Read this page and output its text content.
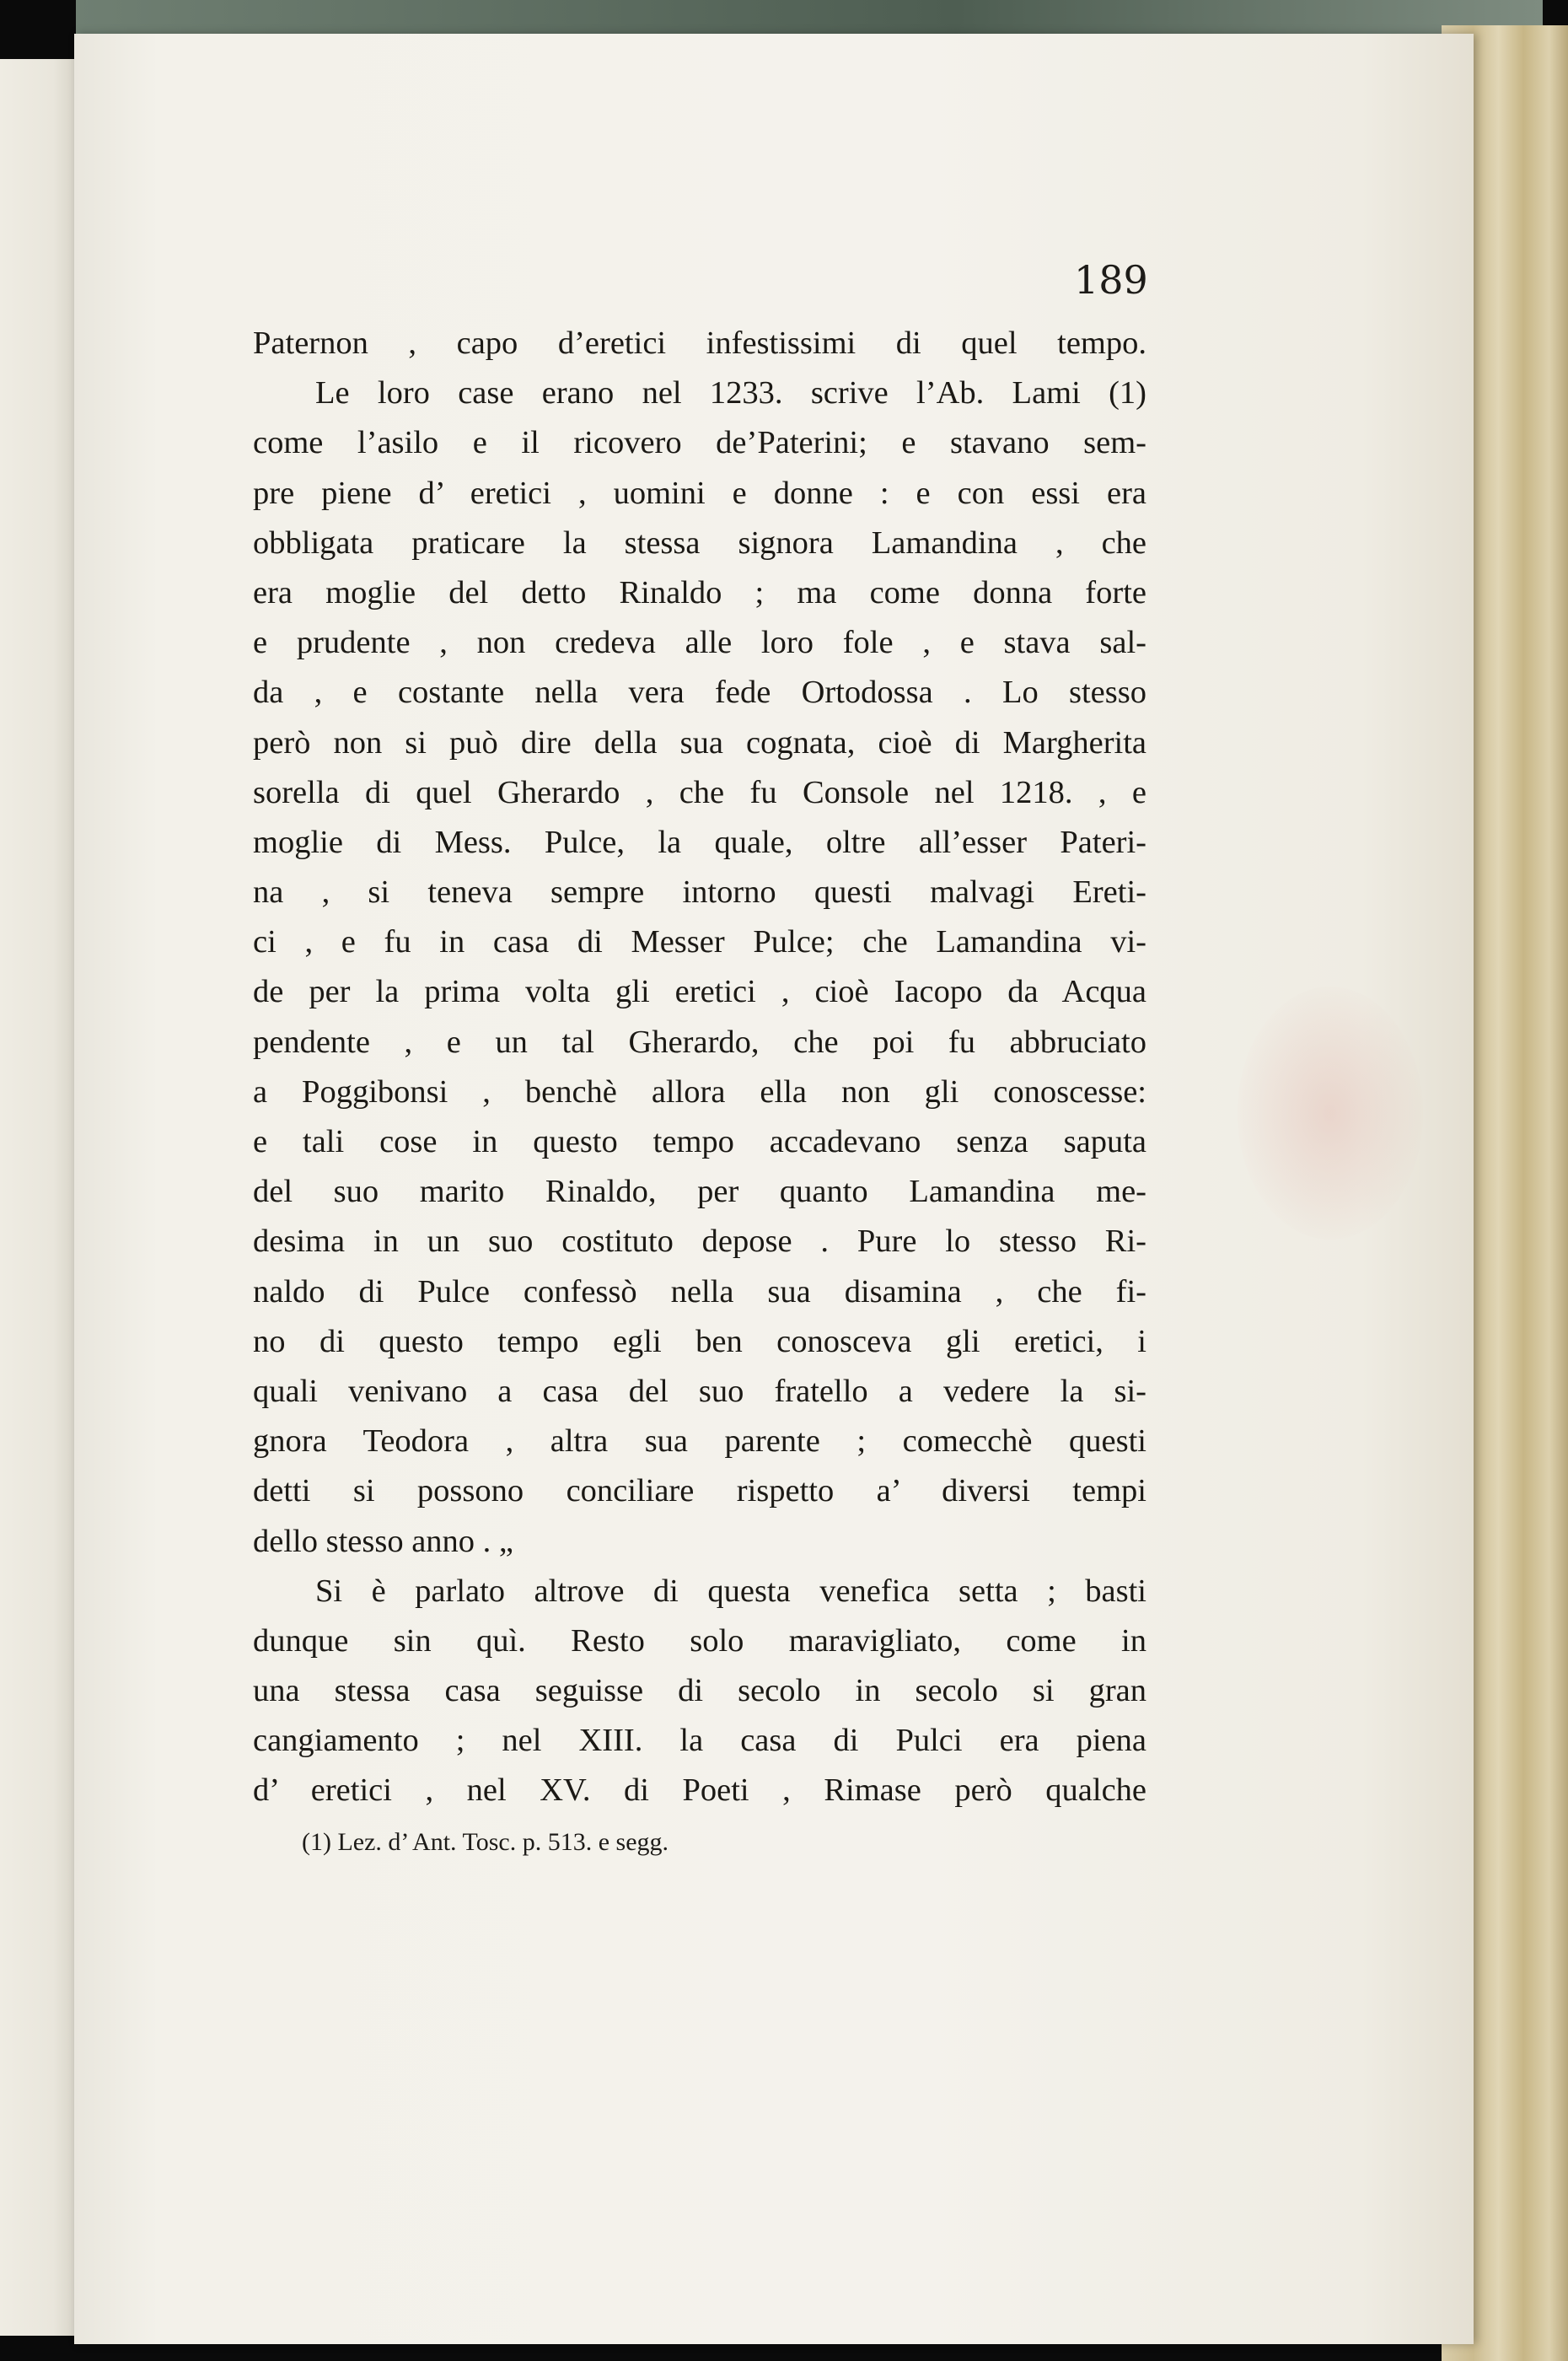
189
Paternon , capo d’eretici infestissimi di quel tempo.
Le loro case erano nel 1233. scrive l’Ab. Lami (1)
come l’asilo e il ricovero de’Paterini; e stavano sem-
pre piene d’ eretici , uomini e donne : e con essi era
obbligata praticare la stessa signora Lamandina , che
era moglie del detto Rinaldo ; ma come donna forte
e prudente , non credeva alle loro fole , e stava sal-
da , e costante nella vera fede Ortodossa . Lo stesso
però non si può dire della sua cognata, cioè di Margherita
sorella di quel Gherardo , che fu Console nel 1218. , e
moglie di Mess. Pulce, la quale, oltre all’esser Pateri-
na , si teneva sempre intorno questi malvagi Ereti-
ci , e fu in casa di Messer Pulce; che Lamandina vi-
de per la prima volta gli eretici , cioè Iacopo da Acqua
pendente , e un tal Gherardo, che poi fu abbruciato
a Poggibonsi , benchè allora ella non gli conoscesse:
e tali cose in questo tempo accadevano senza saputa
del suo marito Rinaldo, per quanto Lamandina me-
desima in un suo costituto depose . Pure lo stesso Ri-
naldo di Pulce confessò nella sua disamina , che fi-
no di questo tempo egli ben conosceva gli eretici, i
quali venivano a casa del suo fratello a vedere la si-
gnora Teodora , altra sua parente ; comecchè questi
detti si possono conciliare rispetto a’ diversi tempi
dello stesso anno . „
Si è parlato altrove di questa venefica setta ; basti
dunque sin quì. Resto solo maravigliato, come in
una stessa casa seguisse di secolo in secolo si gran
cangiamento ; nel XIII. la casa di Pulci era piena
d’ eretici , nel XV. di Poeti , Rimase però qualche
(1) Lez. d’ Ant. Tosc. p. 513. e segg.
